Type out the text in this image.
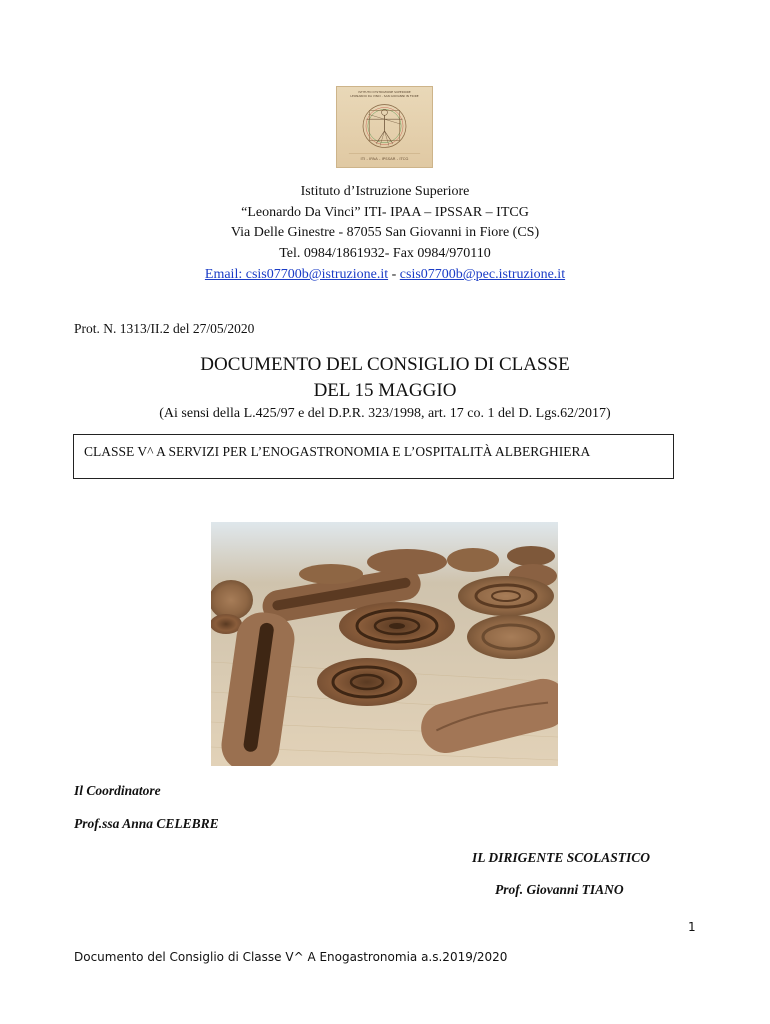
ISTITUTO D'ISTRUZIONE SUPERIORE
LEONARDO DA VINCI - SAN GIOVANNI IN FIORE
ITI - IPAA - IPSSAR - ITCG
Istituto d’Istruzione Superiore
“Leonardo Da Vinci” ITI- IPAA – IPSSAR – ITCG
Via Delle Ginestre - 87055 San Giovanni in Fiore (CS)
Tel. 0984/1861932- Fax 0984/970110
Email: csis07700b@istruzione.it - csis07700b@pec.istruzione.it
Prot. N. 1313/II.2 del 27/05/2020
DOCUMENTO DEL CONSIGLIO DI CLASSE
DEL 15 MAGGIO
(Ai sensi della L.425/97 e del D.P.R. 323/1998, art. 17 co. 1 del D. Lgs.62/2017)
CLASSE V^ A SERVIZI PER L’ENOGASTRONOMIA E L’OSPITALITÀ ALBERGHIERA
Il Coordinatore
Prof.ssa Anna CELEBRE
IL DIRIGENTE SCOLASTICO
Prof. Giovanni TIANO
1
Documento del Consiglio di Classe V^ A Enogastronomia a.s.2019/2020
